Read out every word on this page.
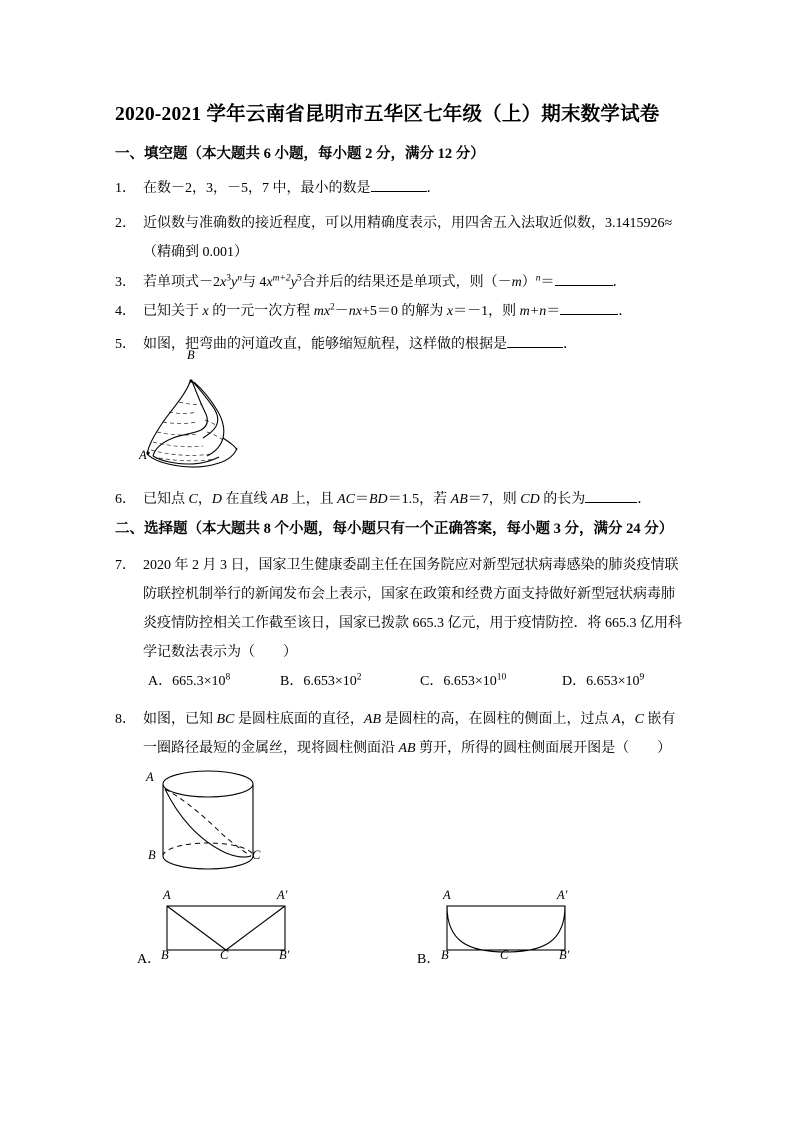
2020-2021 学年云南省昆明市五华区七年级（上）期末数学试卷
一、填空题（本大题共 6 小题，每小题 2 分，满分 12 分）
1． 在数－2，3，－5，7 中，最小的数是	．
2． 近似数与准确数的接近程度，可以用精确度表示，用四舍五入法取近似数，3.1415926≈
（精确到 0.001）
3． 若单项式$-2x^3y^n$与 $4x^{m+2}y^5$合并后的结果还是单项式，则$(-m)^n=$	．
4． 已知关于 x 的一元一次方程 $mx^2-nx+5=0$ 的解为 x＝－1，则 m+n＝	．
5． 如图，把弯曲的河道改直，能够缩短航程，这样做的根据是	．
B
A
6． 已知点 C，D 在直线 AB 上，且 AC＝BD＝1.5，若 AB＝7，则 CD 的长为	．
二、选择题（本大题共 8 个小题，每小题只有一个正确答案，每小题 3 分，满分 24 分）
7． 2020 年 2 月 3 日，国家卫生健康委副主任在国务院应对新型冠状病毒感染的肺炎疫情联
防联控机制举行的新闻发布会上表示，国家在政策和经费方面支持做好新型冠状病毒肺
炎疫情防控相关工作截至该日，国家已拨款 665.3 亿元，用于疫情防控．将 665.3 亿用科
学记数法表示为（　　）
A．$665.3\times 10^8$	B．$6.653\times 10^2$	C．$6.653\times 10^{10}$	D．$6.653\times 10^9$
8． 如图，已知 BC 是圆柱底面的直径，AB 是圆柱的高，在圆柱的侧面上，过点 A，C 嵌有
一圈路径最短的金属丝，现将圆柱侧面沿 AB 剪开，所得的圆柱侧面展开图是（　　）
A
B	C
A	A′
B	C	B′
A．
A	A′
B	C	B′
B．
